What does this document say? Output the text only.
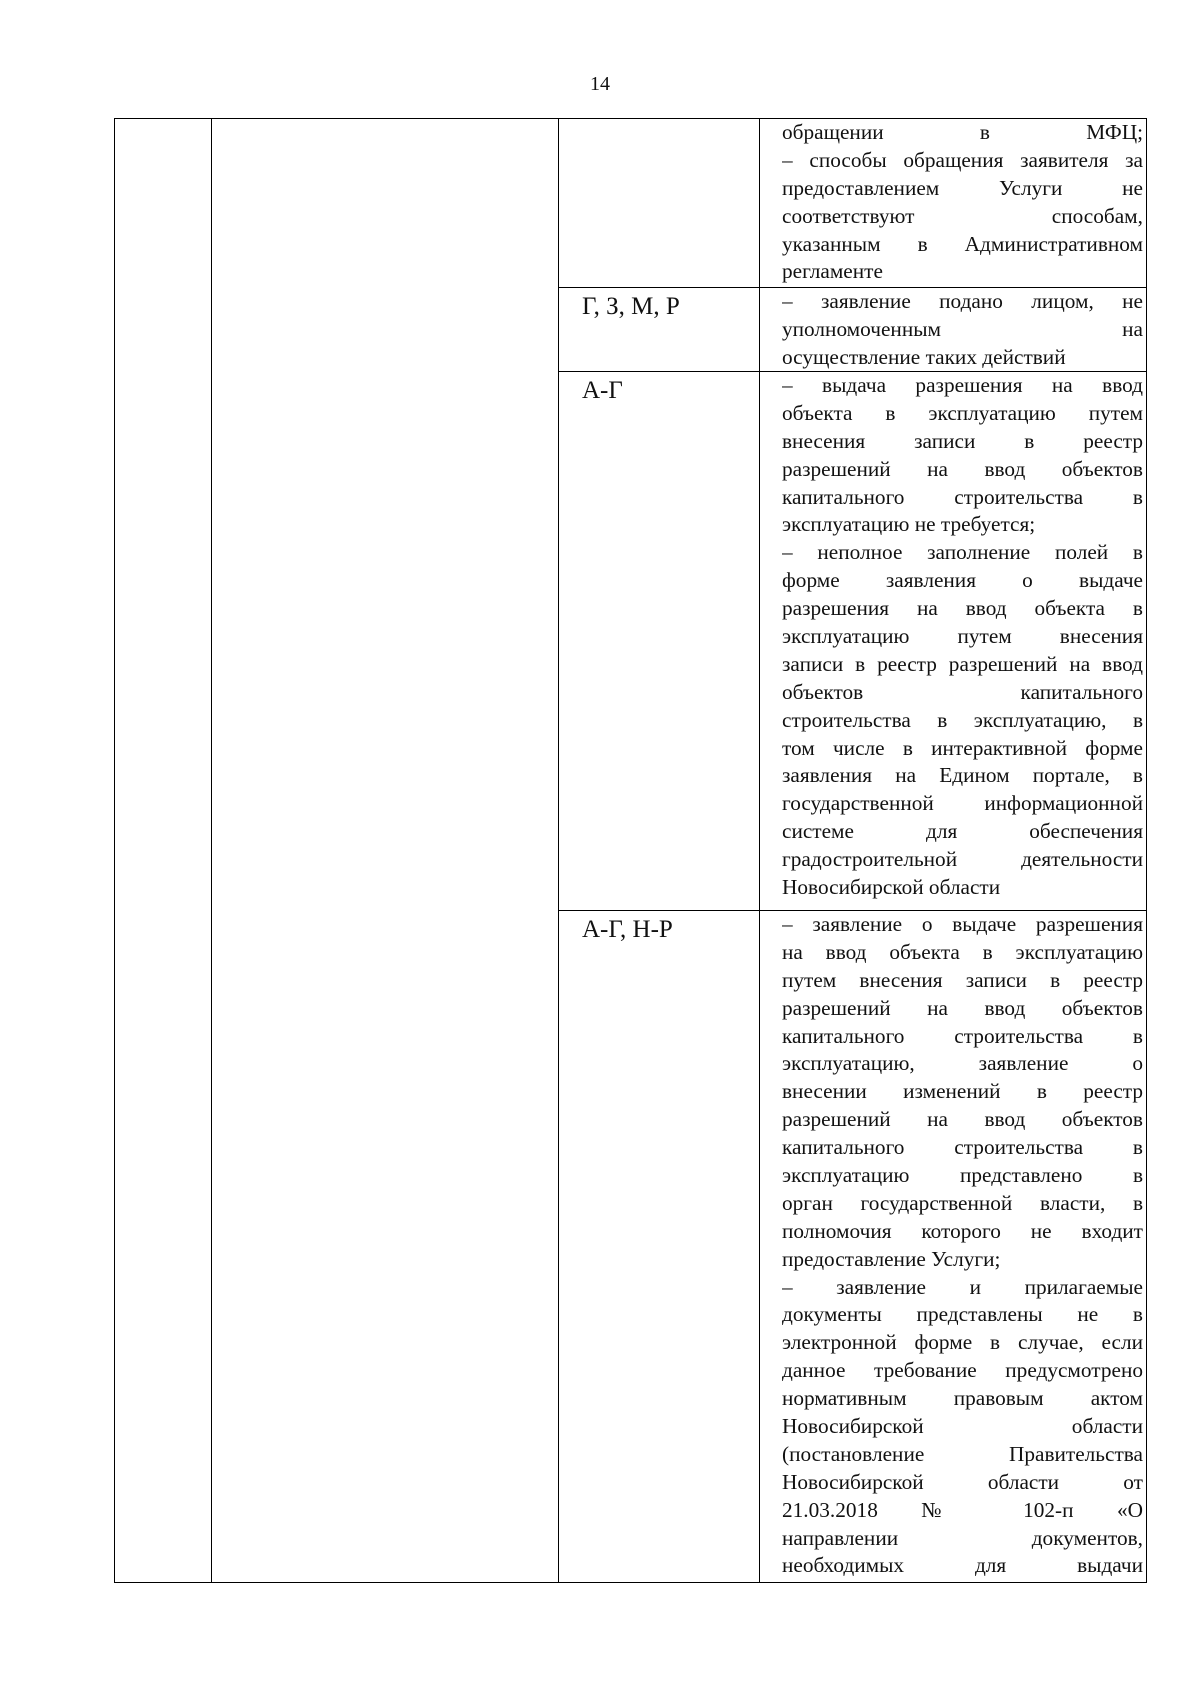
14
обращении в МФЦ;
– способы обращения заявителя за
предоставлением Услуги не
соответствуют способам,
указанным в Административном
регламенте
Г, З, М, Р	– заявление подано лицом, не
уполномоченным на
осуществление таких действий
А-Г	– выдача разрешения на ввод
объекта в эксплуатацию путем
внесения записи в реестр
разрешений на ввод объектов
капитального строительства в
эксплуатацию не требуется;
– неполное заполнение полей в
форме заявления о выдаче
разрешения на ввод объекта в
эксплуатацию путем внесения
записи в реестр разрешений на ввод
объектов капитального
строительства в эксплуатацию, в
том числе в интерактивной форме
заявления на Едином портале, в
государственной информационной
системе для обеспечения
градостроительной деятельности
Новосибирской области
А-Г, Н-Р	– заявление о выдаче разрешения
на ввод объекта в эксплуатацию
путем внесения записи в реестр
разрешений на ввод объектов
капитального строительства в
эксплуатацию, заявление о
внесении изменений в реестр
разрешений на ввод объектов
капитального строительства в
эксплуатацию представлено в
орган государственной власти, в
полномочия которого не входит
предоставление Услуги;
– заявление и прилагаемые
документы представлены не в
электронной форме в случае, если
данное требование предусмотрено
нормативным правовым актом
Новосибирской области
(постановление Правительства
Новосибирской области от
21.03.2018 № 102-п «О
направлении документов,
необходимых для выдачи
